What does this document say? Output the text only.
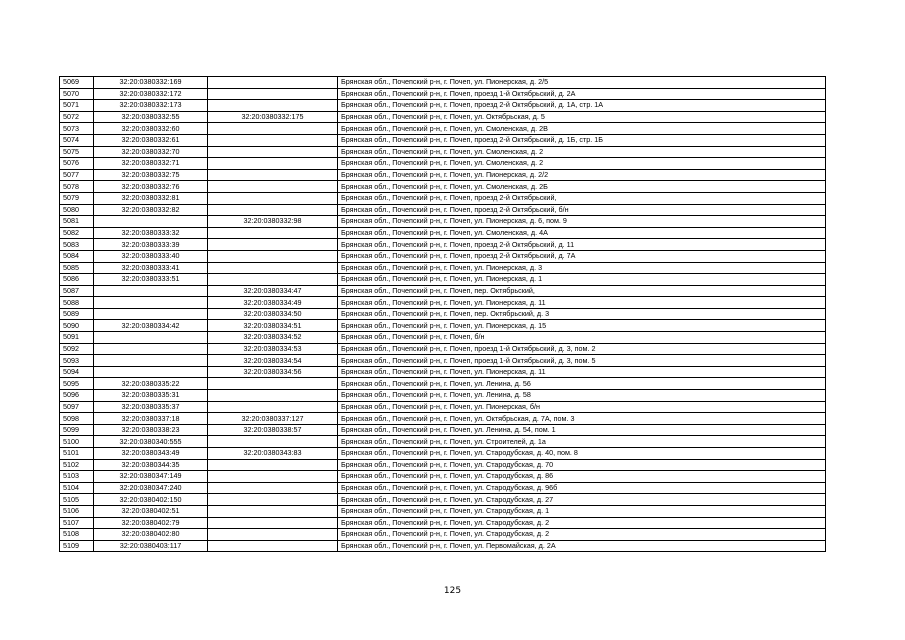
5069	32:20:0380332:169		Брянская обл., Почепский р-н, г. Почеп, ул. Пионерская, д. 2/5
5070	32:20:0380332:172		Брянская обл., Почепский р-н, г. Почеп, проезд 1-й Октябрьский, д. 2А
5071	32:20:0380332:173		Брянская обл., Почепский р-н, г. Почеп, проезд 2-й Октябрьский, д. 1А, стр. 1А
5072	32:20:0380332:55	32:20:0380332:175	Брянская обл., Почепский р-н, г. Почеп, ул. Октябрьская, д. 5
5073	32:20:0380332:60		Брянская обл., Почепский р-н, г. Почеп, ул. Смоленская, д. 2В
5074	32:20:0380332:61		Брянская обл., Почепский р-н, г. Почеп, проезд 2-й Октябрьский, д. 1Б, стр. 1Б
5075	32:20:0380332:70		Брянская обл., Почепский р-н, г. Почеп, ул. Смоленская, д. 2
5076	32:20:0380332:71		Брянская обл., Почепский р-н, г. Почеп, ул. Смоленская, д. 2
5077	32:20:0380332:75		Брянская обл., Почепский р-н, г. Почеп, ул. Пионерская, д. 2/2
5078	32:20:0380332:76		Брянская обл., Почепский р-н, г. Почеп, ул. Смоленская, д. 2Б
5079	32:20:0380332:81		Брянская обл., Почепский р-н, г. Почеп, проезд 2-й Октябрьский,
5080	32:20:0380332:82		Брянская обл., Почепский р-н, г. Почеп, проезд 2-й Октябрьский, б/н
5081		32:20:0380332:98	Брянская обл., Почепский р-н, г. Почеп, ул. Пионерская, д. 6, пом. 9
5082	32:20:0380333:32		Брянская обл., Почепский р-н, г. Почеп, ул. Смоленская, д. 4А
5083	32:20:0380333:39		Брянская обл., Почепский р-н, г. Почеп, проезд 2-й Октябрьский, д. 11
5084	32:20:0380333:40		Брянская обл., Почепский р-н, г. Почеп, проезд 2-й Октябрьский, д. 7А
5085	32:20:0380333:41		Брянская обл., Почепский р-н, г. Почеп, ул. Пионерская, д. 3
5086	32:20:0380333:51		Брянская обл., Почепский р-н, г. Почеп, ул. Пионерская, д. 1
5087		32:20:0380334:47	Брянская обл., Почепский р-н, г. Почеп, пер. Октябрьский,
5088		32:20:0380334:49	Брянская обл., Почепский р-н, г. Почеп, ул. Пионерская, д. 11
5089		32:20:0380334:50	Брянская обл., Почепский р-н, г. Почеп, пер. Октябрьский, д. 3
5090	32:20:0380334:42	32:20:0380334:51	Брянская обл., Почепский р-н, г. Почеп, ул. Пионерская, д. 15
5091		32:20:0380334:52	Брянская обл., Почепский р-н, г. Почеп, б/н
5092		32:20:0380334:53	Брянская обл., Почепский р-н, г. Почеп, проезд 1-й Октябрьский, д. 3, пом. 2
5093		32:20:0380334:54	Брянская обл., Почепский р-н, г. Почеп, проезд 1-й Октябрьский, д. 3, пом. 5
5094		32:20:0380334:56	Брянская обл., Почепский р-н, г. Почеп, ул. Пионерская, д. 11
5095	32:20:0380335:22		Брянская обл., Почепский р-н, г. Почеп, ул. Ленина, д. 56
5096	32:20:0380335:31		Брянская обл., Почепский р-н, г. Почеп, ул. Ленина, д. 58
5097	32:20:0380335:37		Брянская обл., Почепский р-н, г. Почеп, ул. Пионерская, б/н
5098	32:20:0380337:18	32:20:0380337:127	Брянская обл., Почепский р-н, г. Почеп, ул. Октябрьская, д. 7А, пом. 3
5099	32:20:0380338:23	32:20:0380338:57	Брянская обл., Почепский р-н, г. Почеп, ул. Ленина, д. 54, пом. 1
5100	32:20:0380340:555		Брянская обл., Почепский р-н, г. Почеп, ул. Строителей, д. 1а
5101	32:20:0380343:49	32:20:0380343:83	Брянская обл., Почепский р-н, г. Почеп, ул. Стародубская, д. 40, пом. 8
5102	32:20:0380344:35		Брянская обл., Почепский р-н, г. Почеп, ул. Стародубская, д. 70
5103	32:20:0380347:149		Брянская обл., Почепский р-н, г. Почеп, ул. Стародубская, д. 86
5104	32:20:0380347:240		Брянская обл., Почепский р-н, г. Почеп, ул. Стародубская, д. 96б
5105	32:20:0380402:150		Брянская обл., Почепский р-н, г. Почеп, ул. Стародубская, д. 27
5106	32:20:0380402:51		Брянская обл., Почепский р-н, г. Почеп, ул. Стародубская, д. 1
5107	32:20:0380402:79		Брянская обл., Почепский р-н, г. Почеп, ул. Стародубская, д. 2
5108	32:20:0380402:80		Брянская обл., Почепский р-н, г. Почеп, ул. Стародубская, д. 2
5109	32:20:0380403:117		Брянская обл., Почепский р-н, г. Почеп, ул. Первомайская, д. 2А
125
